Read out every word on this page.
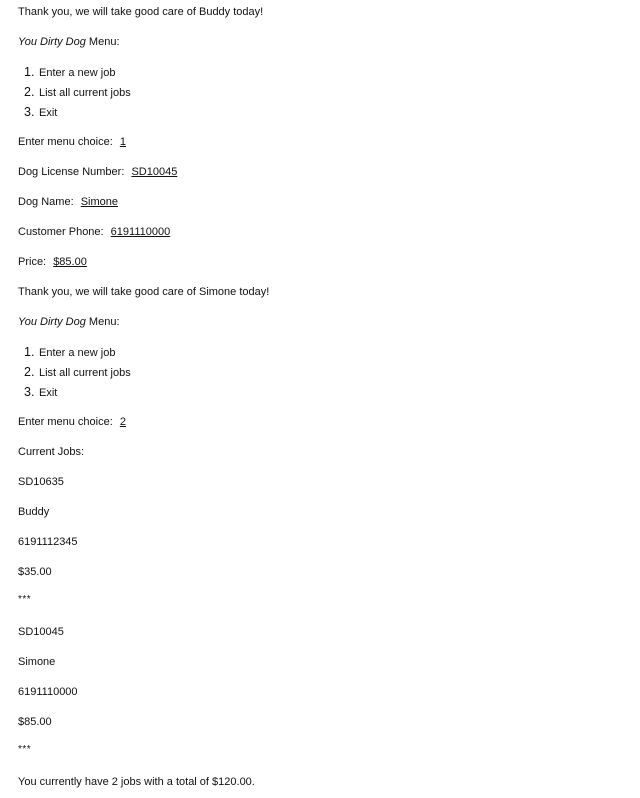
Thank you, we will take good care of Buddy today!
You Dirty Dog Menu:
1. Enter a new job
2. List all current jobs
3. Exit
Enter menu choice: 1
Dog License Number: SD10045
Dog Name: Simone
Customer Phone: 6191110000
Price: $85.00
Thank you, we will take good care of Simone today!
You Dirty Dog Menu:
1. Enter a new job
2. List all current jobs
3. Exit
Enter menu choice: 2
Current Jobs:
SD10635
Buddy
6191112345
$35.00
***
SD10045
Simone
6191110000
$85.00
***
You currently have 2 jobs with a total of $120.00.
